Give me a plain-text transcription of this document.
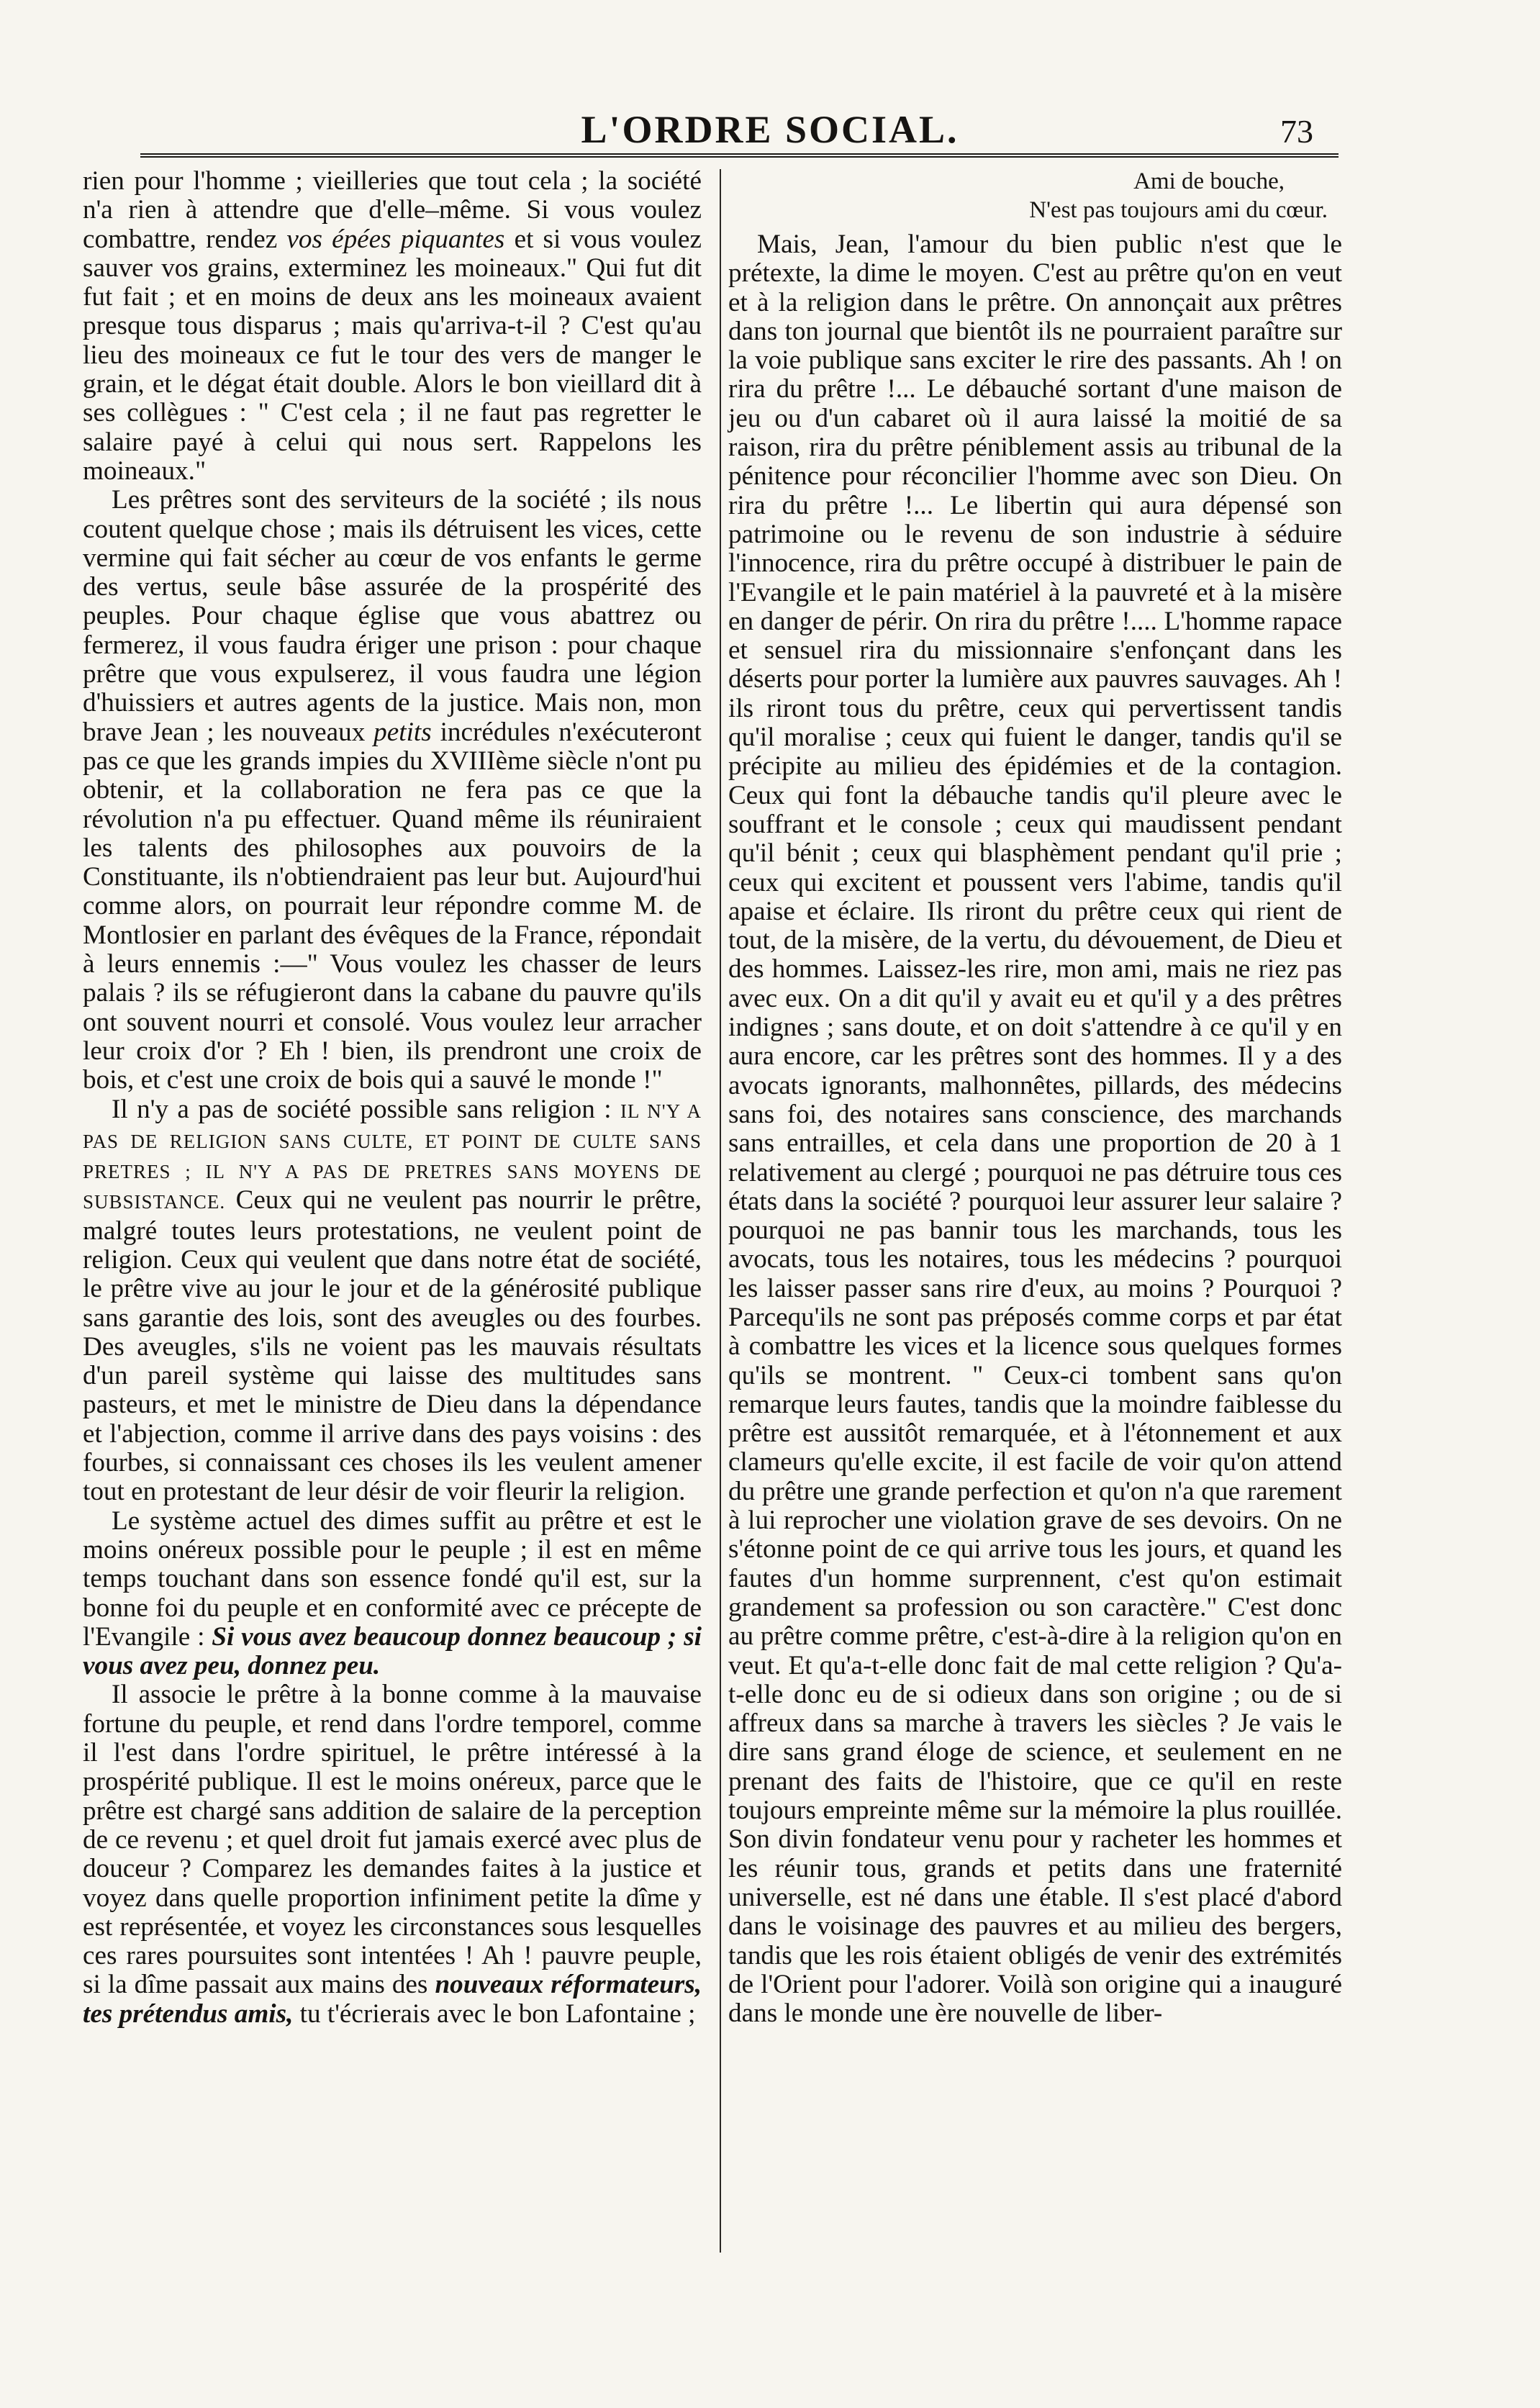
L'ORDRE SOCIAL.	73

rien pour l'homme ; vieilleries que tout cela ; la société n'a rien à attendre que d'elle–même. Si vous voulez combattre, rendez vos épées piquantes et si vous voulez sauver vos grains, exterminez les moineaux." Qui fut dit fut fait ; et en moins de deux ans les moineaux avaient presque tous disparus ; mais qu'arriva-t-il ? C'est qu'au lieu des moineaux ce fut le tour des vers de manger le grain, et le dégat était double. Alors le bon vieillard dit à ses collègues : " C'est cela ; il ne faut pas regretter le salaire payé à celui qui nous sert. Rappelons les moineaux."

Les prêtres sont des serviteurs de la société ; ils nous coutent quelque chose ; mais ils détruisent les vices, cette vermine qui fait sécher au cœur de vos enfants le germe des vertus, seule bâse assurée de la prospérité des peuples. Pour chaque église que vous abattrez ou fermerez, il vous faudra ériger une prison : pour chaque prêtre que vous expulserez, il vous faudra une légion d'huissiers et autres agents de la justice. Mais non, mon brave Jean ; les nouveaux petits incrédules n'exécuteront pas ce que les grands impies du XVIIIème siècle n'ont pu obtenir, et la collaboration ne fera pas ce que la révolution n'a pu effectuer. Quand même ils réuniraient les talents des philosophes aux pouvoirs de la Constituante, ils n'obtiendraient pas leur but. Aujourd'hui comme alors, on pourrait leur répondre comme M. de Montlosier en parlant des évêques de la France, répondait à leurs ennemis :—" Vous voulez les chasser de leurs palais ? ils se réfugieront dans la cabane du pauvre qu'ils ont souvent nourri et consolé. Vous voulez leur arracher leur croix d'or ? Eh ! bien, ils prendront une croix de bois, et c'est une croix de bois qui a sauvé le monde !"

Il n'y a pas de société possible sans religion : IL N'Y A PAS DE RELIGION SANS CULTE, ET POINT DE CULTE SANS PRETRES ; IL N'Y A PAS DE PRETRES SANS MOYENS DE SUBSISTANCE. Ceux qui ne veulent pas nourrir le prêtre, malgré toutes leurs protestations, ne veulent point de religion. Ceux qui veulent que dans notre état de société, le prêtre vive au jour le jour et de la générosité publique sans garantie des lois, sont des aveugles ou des fourbes. Des aveugles, s'ils ne voient pas les mauvais résultats d'un pareil système qui laisse des multitudes sans pasteurs, et met le ministre de Dieu dans la dépendance et l'abjection, comme il arrive dans des pays voisins : des fourbes, si connaissant ces choses ils les veulent amener tout en protestant de leur désir de voir fleurir la religion.

Le système actuel des dimes suffit au prêtre et est le moins onéreux possible pour le peuple ; il est en même temps touchant dans son essence fondé qu'il est, sur la bonne foi du peuple et en conformité avec ce précepte de l'Evangile : Si vous avez beaucoup donnez beaucoup ; si vous avez peu, donnez peu.

Il associe le prêtre à la bonne comme à la mauvaise fortune du peuple, et rend dans l'ordre temporel, comme il l'est dans l'ordre spirituel, le prêtre intéressé à la prospérité publique. Il est le moins onéreux, parce que le prêtre est chargé sans addition de salaire de la perception de ce revenu ; et quel droit fut jamais exercé avec plus de douceur ? Comparez les demandes faites à la justice et voyez dans quelle proportion infiniment petite la dîme y est représentée, et voyez les circonstances sous lesquelles ces rares poursuites sont intentées ! Ah ! pauvre peuple, si la dîme passait aux mains des nouveaux réformateurs, tes prétendus amis, tu t'écrierais avec le bon Lafontaine ;

Ami de bouche,
N'est pas toujours ami du cœur.

Mais, Jean, l'amour du bien public n'est que le prétexte, la dime le moyen. C'est au prêtre qu'on en veut et à la religion dans le prêtre. On annonçait aux prêtres dans ton journal que bientôt ils ne pourraient paraître sur la voie publique sans exciter le rire des passants. Ah ! on rira du prêtre !... Le débauché sortant d'une maison de jeu ou d'un cabaret où il aura laissé la moitié de sa raison, rira du prêtre péniblement assis au tribunal de la pénitence pour réconcilier l'homme avec son Dieu. On rira du prêtre !... Le libertin qui aura dépensé son patrimoine ou le revenu de son industrie à séduire l'innocence, rira du prêtre occupé à distribuer le pain de l'Evangile et le pain matériel à la pauvreté et à la misère en danger de périr. On rira du prêtre !.... L'homme rapace et sensuel rira du missionnaire s'enfonçant dans les déserts pour porter la lumière aux pauvres sauvages. Ah ! ils riront tous du prêtre, ceux qui pervertissent tandis qu'il moralise ; ceux qui fuient le danger, tandis qu'il se précipite au milieu des épidémies et de la contagion. Ceux qui font la débauche tandis qu'il pleure avec le souffrant et le console ; ceux qui maudissent pendant qu'il bénit ; ceux qui blasphèment pendant qu'il prie ; ceux qui excitent et poussent vers l'abime, tandis qu'il apaise et éclaire. Ils riront du prêtre ceux qui rient de tout, de la misère, de la vertu, du dévouement, de Dieu et des hommes. Laissez-les rire, mon ami, mais ne riez pas avec eux. On a dit qu'il y avait eu et qu'il y a des prêtres indignes ; sans doute, et on doit s'attendre à ce qu'il y en aura encore, car les prêtres sont des hommes. Il y a des avocats ignorants, malhonnêtes, pillards, des médecins sans foi, des notaires sans conscience, des marchands sans entrailles, et cela dans une proportion de 20 à 1 relativement au clergé ; pourquoi ne pas détruire tous ces états dans la société ? pourquoi leur assurer leur salaire ? pourquoi ne pas bannir tous les marchands, tous les avocats, tous les notaires, tous les médecins ? pourquoi les laisser passer sans rire d'eux, au moins ? Pourquoi ? Parcequ'ils ne sont pas préposés comme corps et par état à combattre les vices et la licence sous quelques formes qu'ils se montrent. " Ceux-ci tombent sans qu'on remarque leurs fautes, tandis que la moindre faiblesse du prêtre est aussitôt remarquée, et à l'étonnement et aux clameurs qu'elle excite, il est facile de voir qu'on attend du prêtre une grande perfection et qu'on n'a que rarement à lui reprocher une violation grave de ses devoirs. On ne s'étonne point de ce qui arrive tous les jours, et quand les fautes d'un homme surprennent, c'est qu'on estimait grandement sa profession ou son caractère." C'est donc au prêtre comme prêtre, c'est-à-dire à la religion qu'on en veut. Et qu'a-t-elle donc fait de mal cette religion ? Qu'a-t-elle donc eu de si odieux dans son origine ; ou de si affreux dans sa marche à travers les siècles ? Je vais le dire sans grand éloge de science, et seulement en ne prenant des faits de l'histoire, que ce qu'il en reste toujours empreinte même sur la mémoire la plus rouillée. Son divin fondateur venu pour y racheter les hommes et les réunir tous, grands et petits dans une fraternité universelle, est né dans une étable. Il s'est placé d'abord dans le voisinage des pauvres et au milieu des bergers, tandis que les rois étaient obligés de venir des extrémités de l'Orient pour l'adorer. Voilà son origine qui a inauguré dans le monde une ère nouvelle de liber-
